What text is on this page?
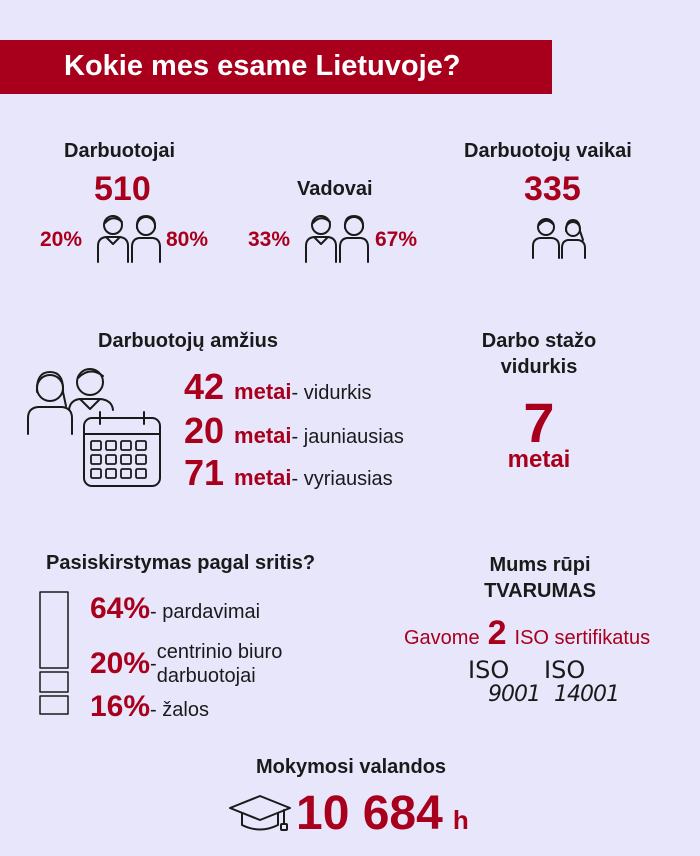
Kokie mes esame Lietuvoje?
Darbuotojai
510
20%	80%
Vadovai
33%	67%
Darbuotojų vaikai
335
Darbuotojų amžius
42 metai - vidurkis
20 metai - jauniausias
71 metai - vyriausias
Darbo stažo
vidurkis
7
metai
Pasiskirstymas pagal sritis?
64% - pardavimai
20%-
centrinio biuro
darbuotojai
16% - žalos
Mums rūpi
TVARUMAS
Gavome 2 ISO sertifikatus
ISO
9001
ISO
14001
Mokymosi valandos
10 684 h
